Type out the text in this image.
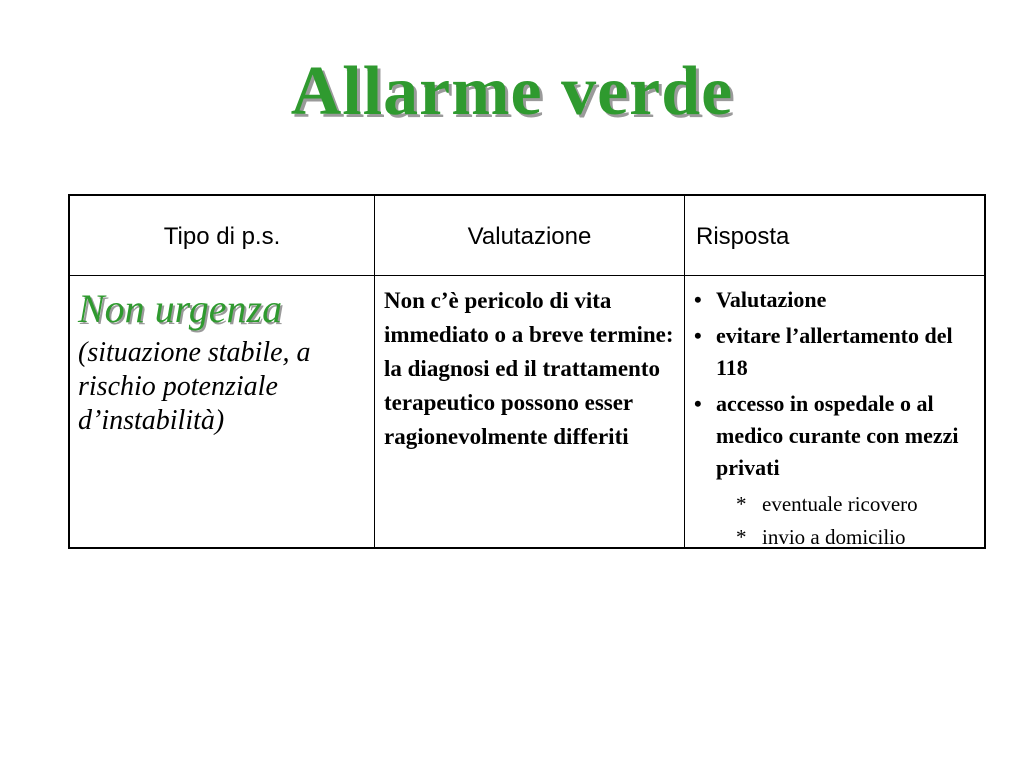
Allarme verde
Tipo di p.s.	Valutazione	Risposta
Non urgenza
(situazione stabile, a rischio potenziale d’instabilità)
Non c’è pericolo di vita immediato o a breve termine: la diagnosi ed il trattamento terapeutico possono esser ragionevolmente differiti
• Valutazione
• evitare l’allertamento del 118
• accesso in ospedale o al medico curante con mezzi privati
* eventuale ricovero
* invio a domicilio
